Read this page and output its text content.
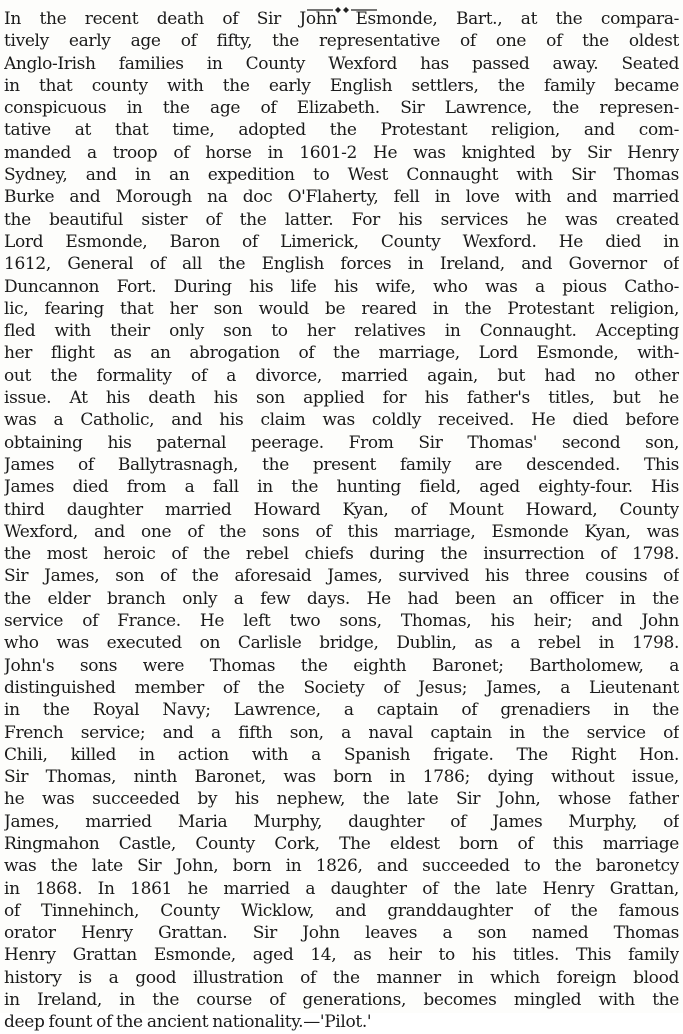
In the recent death of Sir John Esmonde, Bart., at the compara-
tively early age of fifty, the representative of one of the oldest
Anglo-Irish families in County Wexford has passed away. Seated
in that county with the early English settlers, the family became
conspicuous in the age of Elizabeth. Sir Lawrence, the represen-
tative at that time, adopted the Protestant religion, and com-
manded a troop of horse in 1601-2 He was knighted by Sir Henry
Sydney, and in an expedition to West Connaught with Sir Thomas
Burke and Morough na doc O'Flaherty, fell in love with and married
the beautiful sister of the latter. For his services he was created
Lord Esmonde, Baron of Limerick, County Wexford. He died in
1612, General of all the English forces in Ireland, and Governor of
Duncannon Fort. During his life his wife, who was a pious Catho-
lic, fearing that her son would be reared in the Protestant religion,
fled with their only son to her relatives in Connaught. Accepting
her flight as an abrogation of the marriage, Lord Esmonde, with-
out the formality of a divorce, married again, but had no other
issue. At his death his son applied for his father's titles, but he
was a Catholic, and his claim was coldly received. He died before
obtaining his paternal peerage. From Sir Thomas' second son,
James of Ballytrasnagh, the present family are descended. This
James died from a fall in the hunting field, aged eighty-four. His
third daughter married Howard Kyan, of Mount Howard, County
Wexford, and one of the sons of this marriage, Esmonde Kyan, was
the most heroic of the rebel chiefs during the insurrection of 1798.
Sir James, son of the aforesaid James, survived his three cousins of
the elder branch only a few days. He had been an officer in the
service of France. He left two sons, Thomas, his heir; and John
who was executed on Carlisle bridge, Dublin, as a rebel in 1798.
John's sons were Thomas the eighth Baronet; Bartholomew, a
distinguished member of the Society of Jesus; James, a Lieutenant
in the Royal Navy; Lawrence, a captain of grenadiers in the
French service; and a fifth son, a naval captain in the service of
Chili, killed in action with a Spanish frigate. The Right Hon.
Sir Thomas, ninth Baronet, was born in 1786; dying without issue,
he was succeeded by his nephew, the late Sir John, whose father
James, married Maria Murphy, daughter of James Murphy, of
Ringmahon Castle, County Cork, The eldest born of this marriage
was the late Sir John, born in 1826, and succeeded to the baronetcy
in 1868. In 1861 he married a daughter of the late Henry Grattan,
of Tinnehinch, County Wicklow, and granddaughter of the famous
orator Henry Grattan. Sir John leaves a son named Thomas
Henry Grattan Esmonde, aged 14, as heir to his titles. This family
history is a good illustration of the manner in which foreign blood
in Ireland, in the course of generations, becomes mingled with the
deep fount of the ancient nationality.—'Pilot.'
